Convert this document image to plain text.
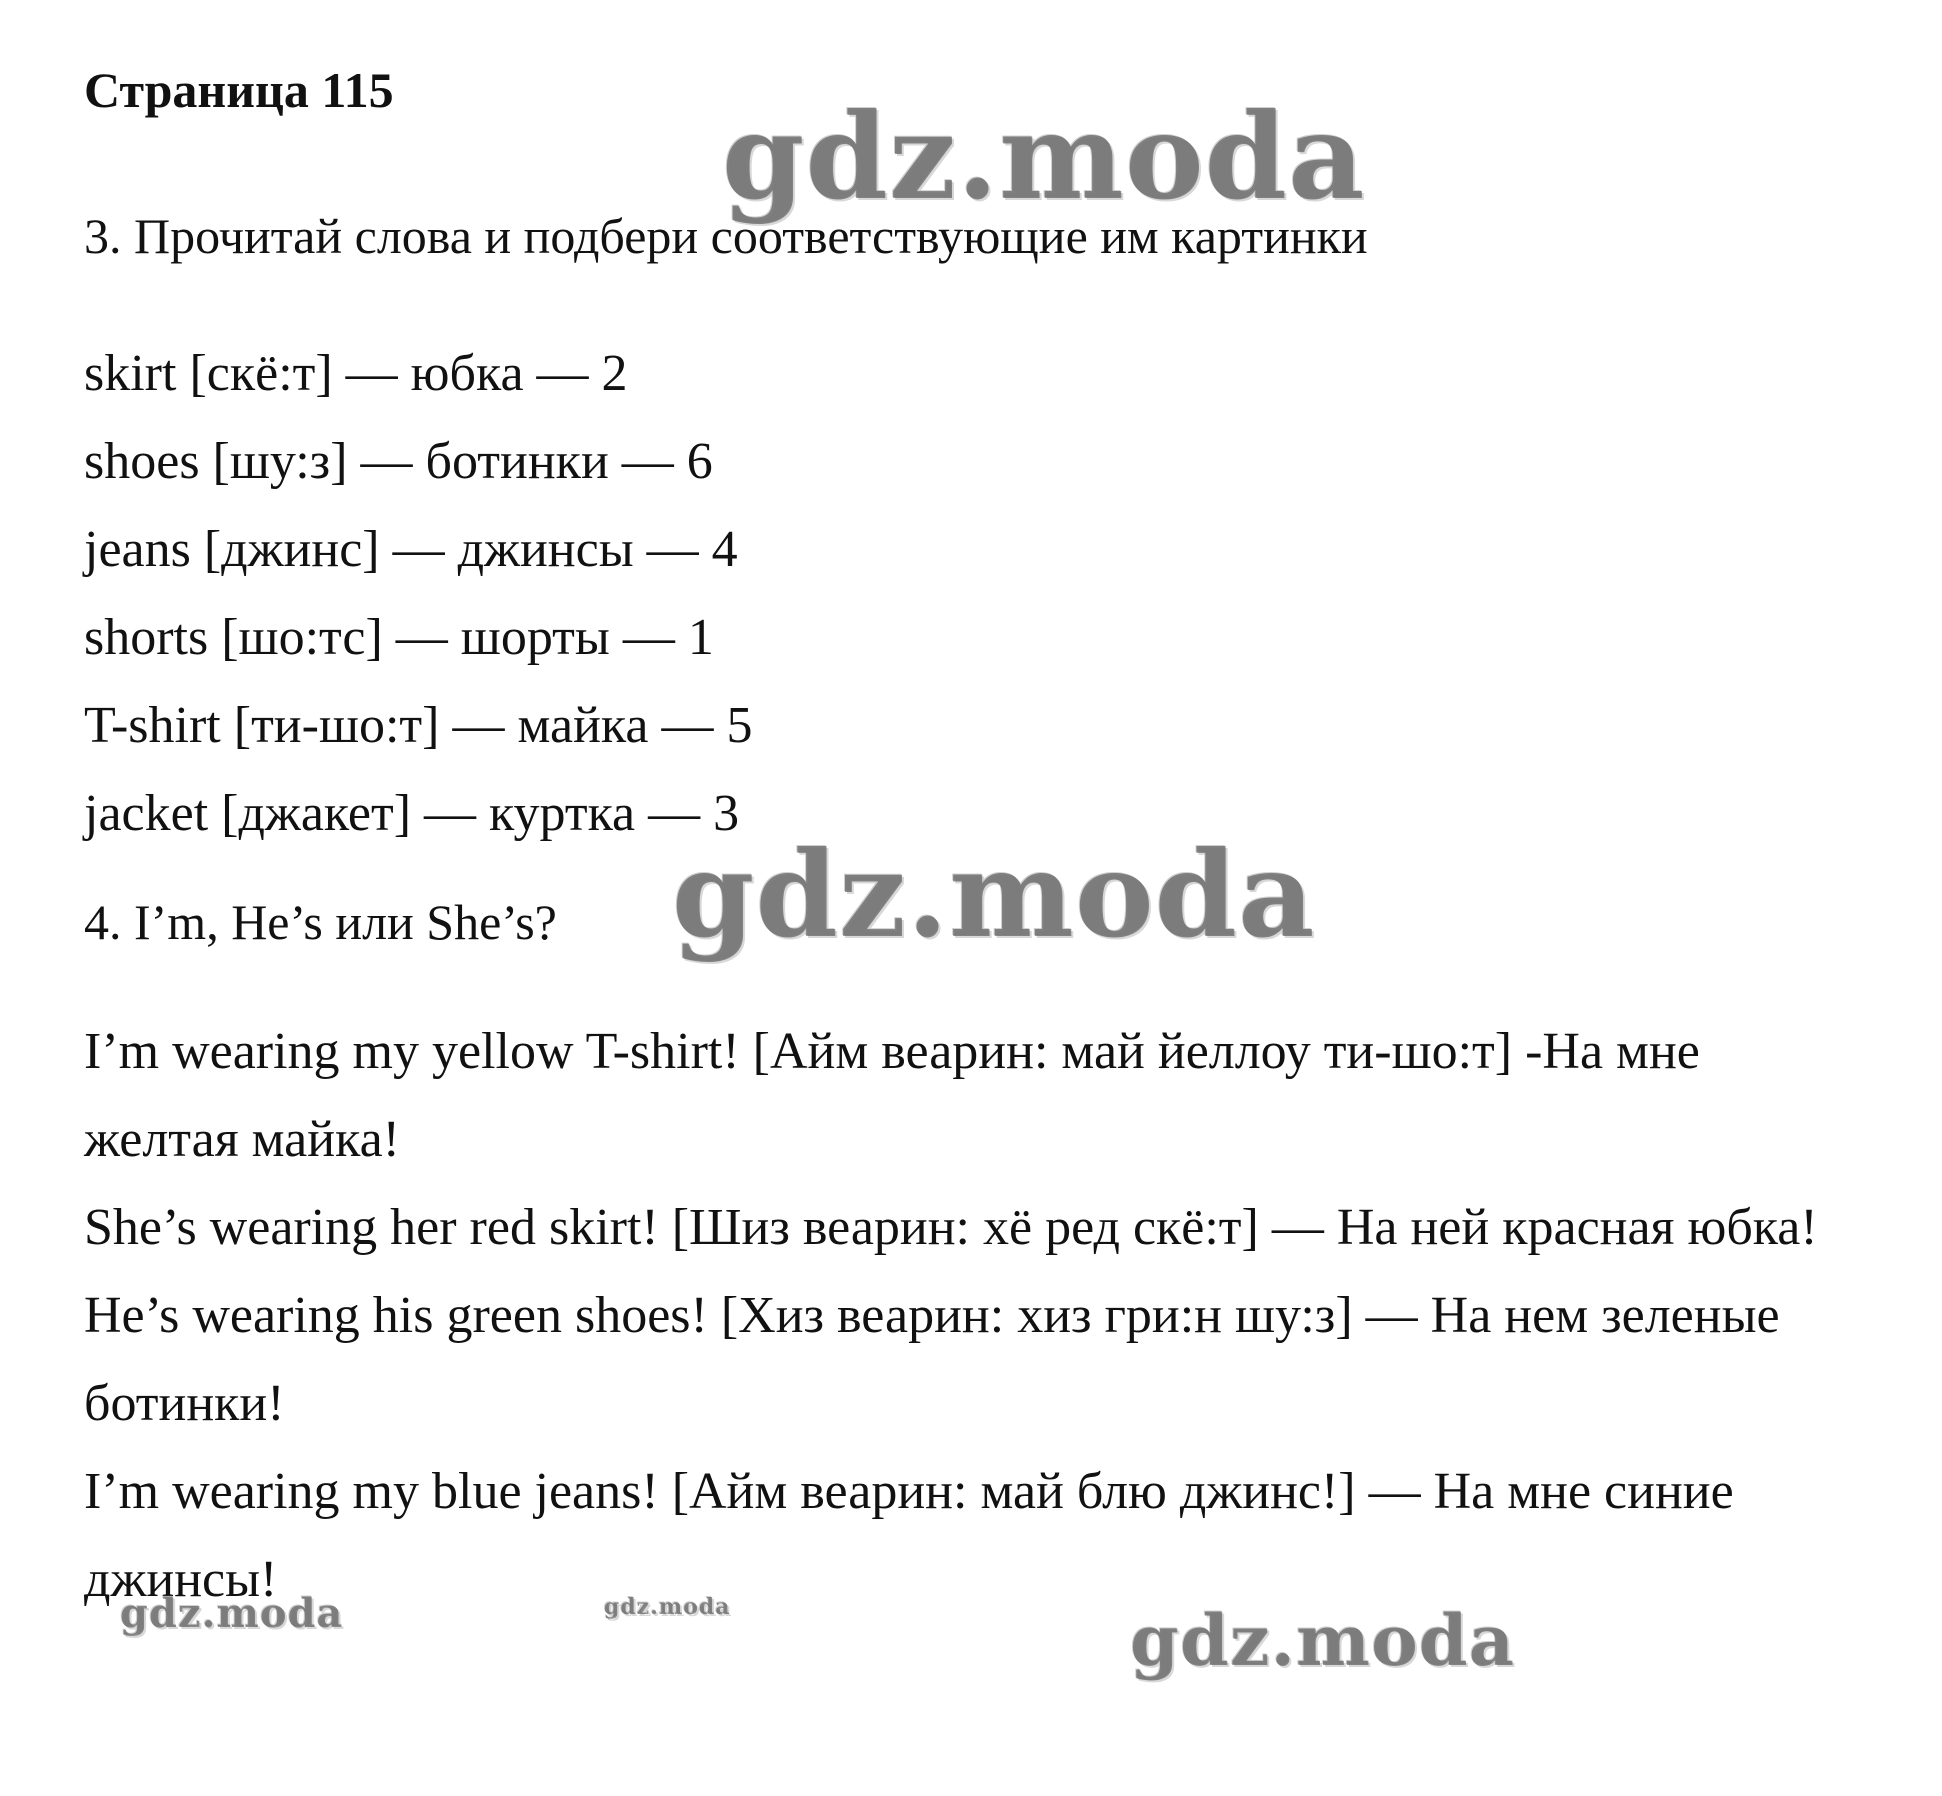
Страница 115	gdz.moda

3. Прочитай слова и подбери соответствующие им картинки

skirt [скё:т] — юбка — 2
shoes [шу:з] — ботинки — 6
jeans [джинс] — джинсы — 4
shorts [шо:тс] — шорты — 1
T-shirt [ти-шо:т] — майка — 5
jacket [джакет] — куртка — 3

4. I’m, He’s или She’s? gdz.moda

I’m wearing my yellow T-shirt! [Айм веарин: май йеллоу ти-шо:т] -На мне желтая майка!

She’s wearing her red skirt! [Шиз веарин: хё ред скё:т] — На ней красная юбка!

He’s wearing his green shoes! [Хиз веарин: хиз гри:н шу:з] — На нем зеленые ботинки!

I’m wearing my blue jeans! [Айм веарин: май блю джинс!] — На мне синие джинсы!

gdz.moda	gdz.moda	gdz.moda
